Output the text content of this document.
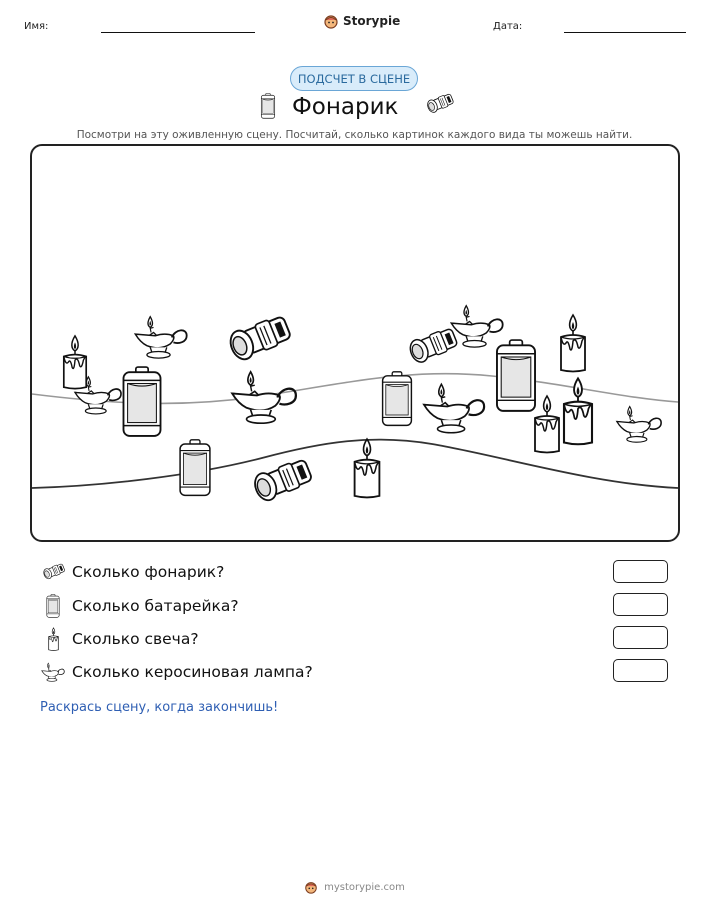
Имя:	Storypie	Дата:
ПОДСЧЕТ В СЦЕНЕ
Фонарик
Посмотри на эту оживленную сцену. Посчитай, сколько картинок каждого вида ты можешь найти.
Сколько фонарик?
Сколько батарейка?
Сколько свеча?
Сколько керосиновая лампа?
Раскрась сцену, когда закончишь!
mystorypie.com
